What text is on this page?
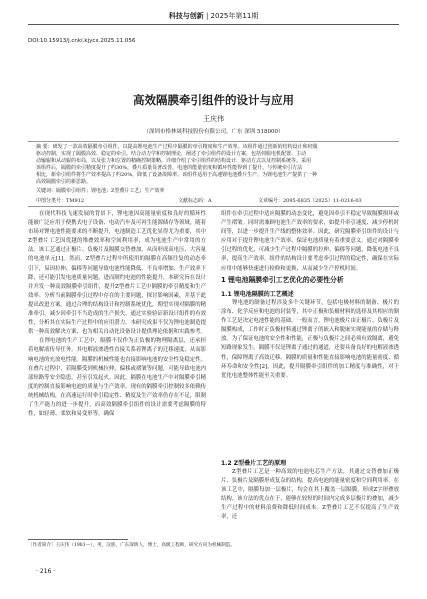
科技与创新 | 2025年第11期
DOI:10.15913/j.cnki.kjycx.2025.11.056
高效隔膜牵引组件的设计与应用
王庆伟
（深圳市格林晟科技股份有限公司，广东 深圳 518000）
摘 要：研发了一款高效隔膜牵引组件，以提高锂电池生产过程中隔膜的牵引精度和生产效率。该组件通过创新的结构设计和伺服
驱动控制，实现了隔膜高效、稳定的牵引。结合动力学和控制理论，阐述了牵引组件的设计方案，包括伺服电机配置、主动
动输辊和从动辊的布局，以及张力和位置的精确控制策略。详细介绍了牵引组件的结构设计、驱动方式以及控制系统等。采用
该组件后，隔膜的牵引精度提升了约30%，叠片质量显著改善，电池的能量密度和循环性能得到了提升。与传统牵引方法
相比，新牵引组件将生产效率提高了约20%，降低了设备故障率。该组件适用于高速锂电池叠片生产，为锂电池生产提供了一种
高效隔膜牵引的新思路。
关键词：隔膜牵引组件；锂电池；Z型叠片工艺；生产效率
中图分类号：TM912	文献标志码：A	文章编号：2095-6835（2025）11-0216-03

在现代科技飞速发展的背景下，锂电池因高能量密度和良好的循环性能被广泛应用于便携式电子设备、电动汽车及可再生能源储存等领域。随着市场对锂电池性能要求的不断提升，电池制造工艺优化显得尤为重要，其中Z型叠片工艺因优越的堆叠效率和空间利用率，成为电池生产中常用的方法。该工艺通过正极片、负极片及隔膜交替叠加，从而形成高电压、大容量的电池单元[1]。然而，Z型叠片过程中所使用的隔膜在高频往复的动态牵引下，易因拉伸、偏移等问题导致电池性能降低、不良率增加、生产效率下降，还可能引发电池质量问题，进而制约电池的性能提升。本研究旨在设计并开发一种高效隔膜牵引组件，提升Z型叠片工艺中隔膜的牵引精度和生产效率。分析当前隔膜牵引过程中存在的主要问题，探讨影响因素，并基于此提出改进方案。通过合理的结构设计和控制系统优化，期望实现对隔膜的精准牵引，减少因牵引不当造成的生产损失。通过实验验证新设计组件的有效性，分析其在实际生产过程中的应用潜力。本研究成果不仅为锂电池制造提供一种高效解决方案，也为相关自动化设备设计提供理论依据和实践参考。

在锂电池的生产工艺中，隔膜不仅作为正负极的物理隔离层，还承担着电解液传导任务。其电解液渗透性直接关系着锂离子的迁移速度，从而影响电池的充放电性能。隔膜的机械性能也直接影响电池的安全性及稳定性。在叠片过程中，若隔膜受到机械拉伸、偏移或褶皱等问题，可能导致电池内部短路等安全隐患，甚至引发起火。因此，隔膜在电池生产中对隔膜牵引精度的控制直接影响电池的质量与生产效率，现有的隔膜牵引控制较多依赖传统机械结构，在高速运行时牵引稳定性、精度及生产效率仍存在不足，限制了生产能力的进一步提升。而高效隔膜牵引组件的设计需要考虑隔膜的特性，如轻薄、柔软和易变形等，确保

组件在牵引过程中适应隔膜的动态变化，避免因牵引不稳定导致隔膜损坏或产生褶皱。同时需兼顾电池生产效率的要求，如提升牵引速度、减少停机时间等，以进一步提升生产线的整体效率。因此，研究隔膜牵引组件的设计与应用对于提升锂电池生产效率、保证电池质量有着重要意义。通过对隔膜牵引过程的优化，可减少生产过程中隔膜的拉伸、偏移等问题，降低电池不良率，提高生产效率。组件的结构设计要考虑牵引过程的稳定性，确保在实际应用中能够快速进行检修和更换，从而减少生产停机时间。

1 锂电池隔膜牵引工艺优化的必要性分析
1.1 锂电池隔膜的工艺概述

锂电池的制备过程涉及多个关键环节，包括电极材料的制备、极片的涂布、化学反应和电池的封装等，其中正极和负极材料的选择及其相应的制作工艺是决定电池性能的基础。一般而言，锂电池极片由正极片、负极片及隔膜构成，工作时正负极材料通过锂离子的嵌入和脱嵌实现能量的存储与释放。为了保证电池的安全性和性能，正极与负极片之间必须有效隔离，避免短路现象发生。隔膜不仅是锂离子通过的通道，还要具备良好的电解液渗透性，保障锂离子高效迁移。隔膜的质量和性能直接影响电池的能量密度、循环寿命和安全性[2]。因此，提升隔膜牵引组件的加工精度与准确性，对于优化电池整体性能至关重要。

1.2 Z型叠片工艺的原理

Z型叠片工艺是一种高效的电池电芯生产方法，其通过交替叠加正极片、负极片及隔膜形成复杂的结构，提高电池的能量密度和空间利用率。在该工艺中，隔膜每加一层极片，均会在其上覆盖一层隔膜，形成Z字形叠放结构。该方法的优点在于，能够在较短的时间内完成多层极片的叠加，减少生产过程中的材料浪费和降低时间成本。Z型叠片工艺不仅提高了生产效率，还

［作者简介］王庆伟（1981—），男，汉族，广东深圳人，博士，高级工程师，研究方向为机械制造。
· 216 ·
